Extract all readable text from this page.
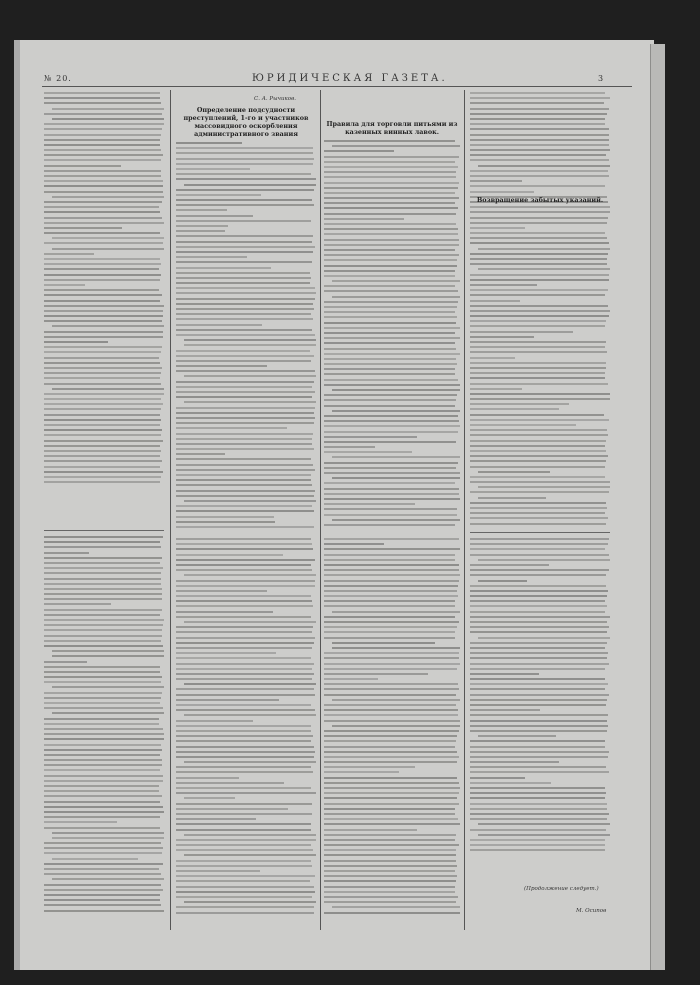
№ 20.	ЮРИДИЧЕСКАЯ ГАЗЕТА.	3
Определение подсудности преступлений, 1-го и участников массовидного оскорбления административного звания
Правила для торговли питьями из казенных винных лавок.
Возвращение забытых указаний.
С. А. Рычиков.
(Продолжение следует.)
М. Осипов
